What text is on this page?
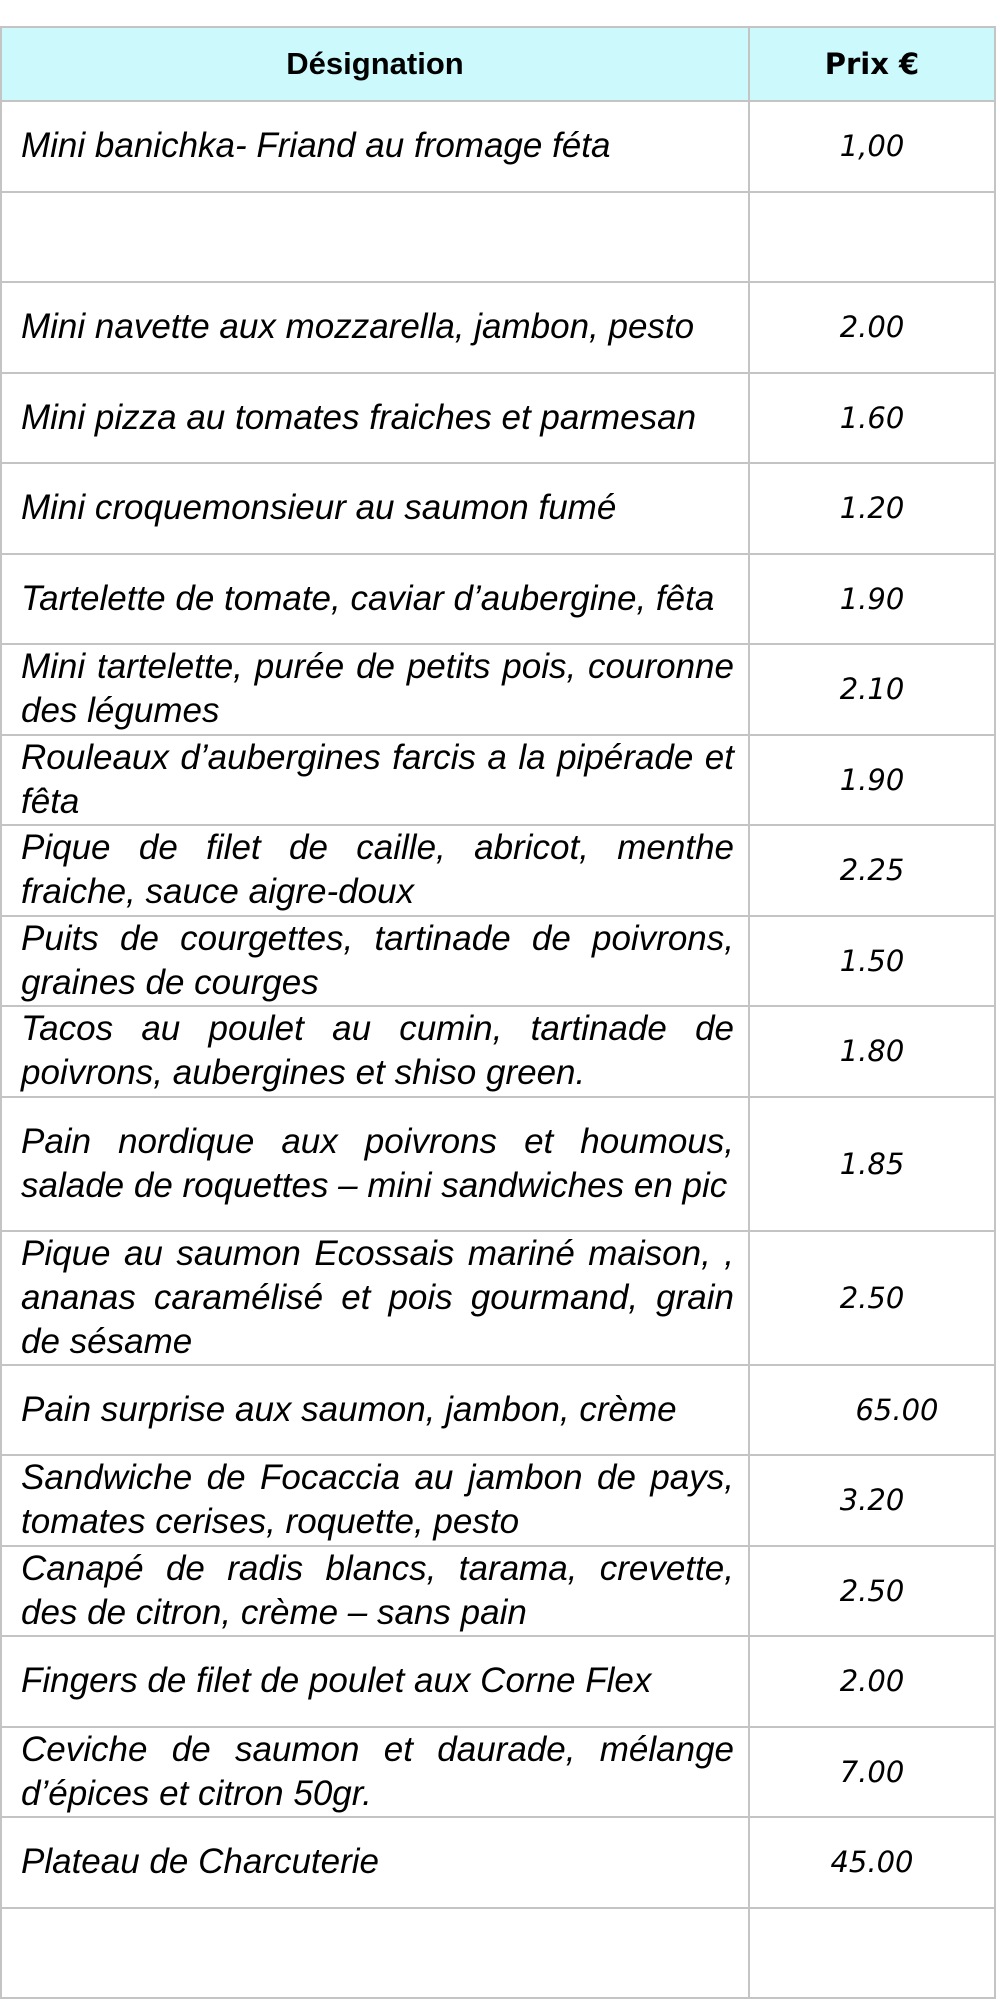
Désignation	Prix €
Mini banichka- Friand au fromage féta	1,00

Mini navette aux mozzarella, jambon, pesto	2.00
Mini pizza au tomates fraiches et parmesan	1.60
Mini croquemonsieur au saumon fumé	1.20
Tartelette de tomate, caviar d’aubergine, fêta	1.90
Mini tartelette, purée de petits pois, couronne des légumes	2.10
Rouleaux d’aubergines farcis a la pipérade et fêta	1.90
Pique de filet de caille, abricot, menthe fraiche, sauce aigre-doux	2.25
Puits de courgettes, tartinade de poivrons, graines de courges	1.50
Tacos au poulet au cumin, tartinade de poivrons, aubergines et shiso green.	1.80
Pain nordique aux poivrons et houmous, salade de roquettes – mini sandwiches en pic	1.85
Pique au saumon Ecossais mariné maison, , ananas caramélisé et pois gourmand, grain de sésame	2.50
Pain surprise aux saumon, jambon, crème	65.00
Sandwiche de Focaccia au jambon de pays, tomates cerises, roquette, pesto	3.20
Canapé de radis blancs, tarama, crevette, des de citron, crème – sans pain	2.50
Fingers de filet de poulet aux Corne Flex	2.00
Ceviche de saumon et daurade, mélange d’épices et citron 50gr.	7.00
Plateau de Charcuterie	45.00
